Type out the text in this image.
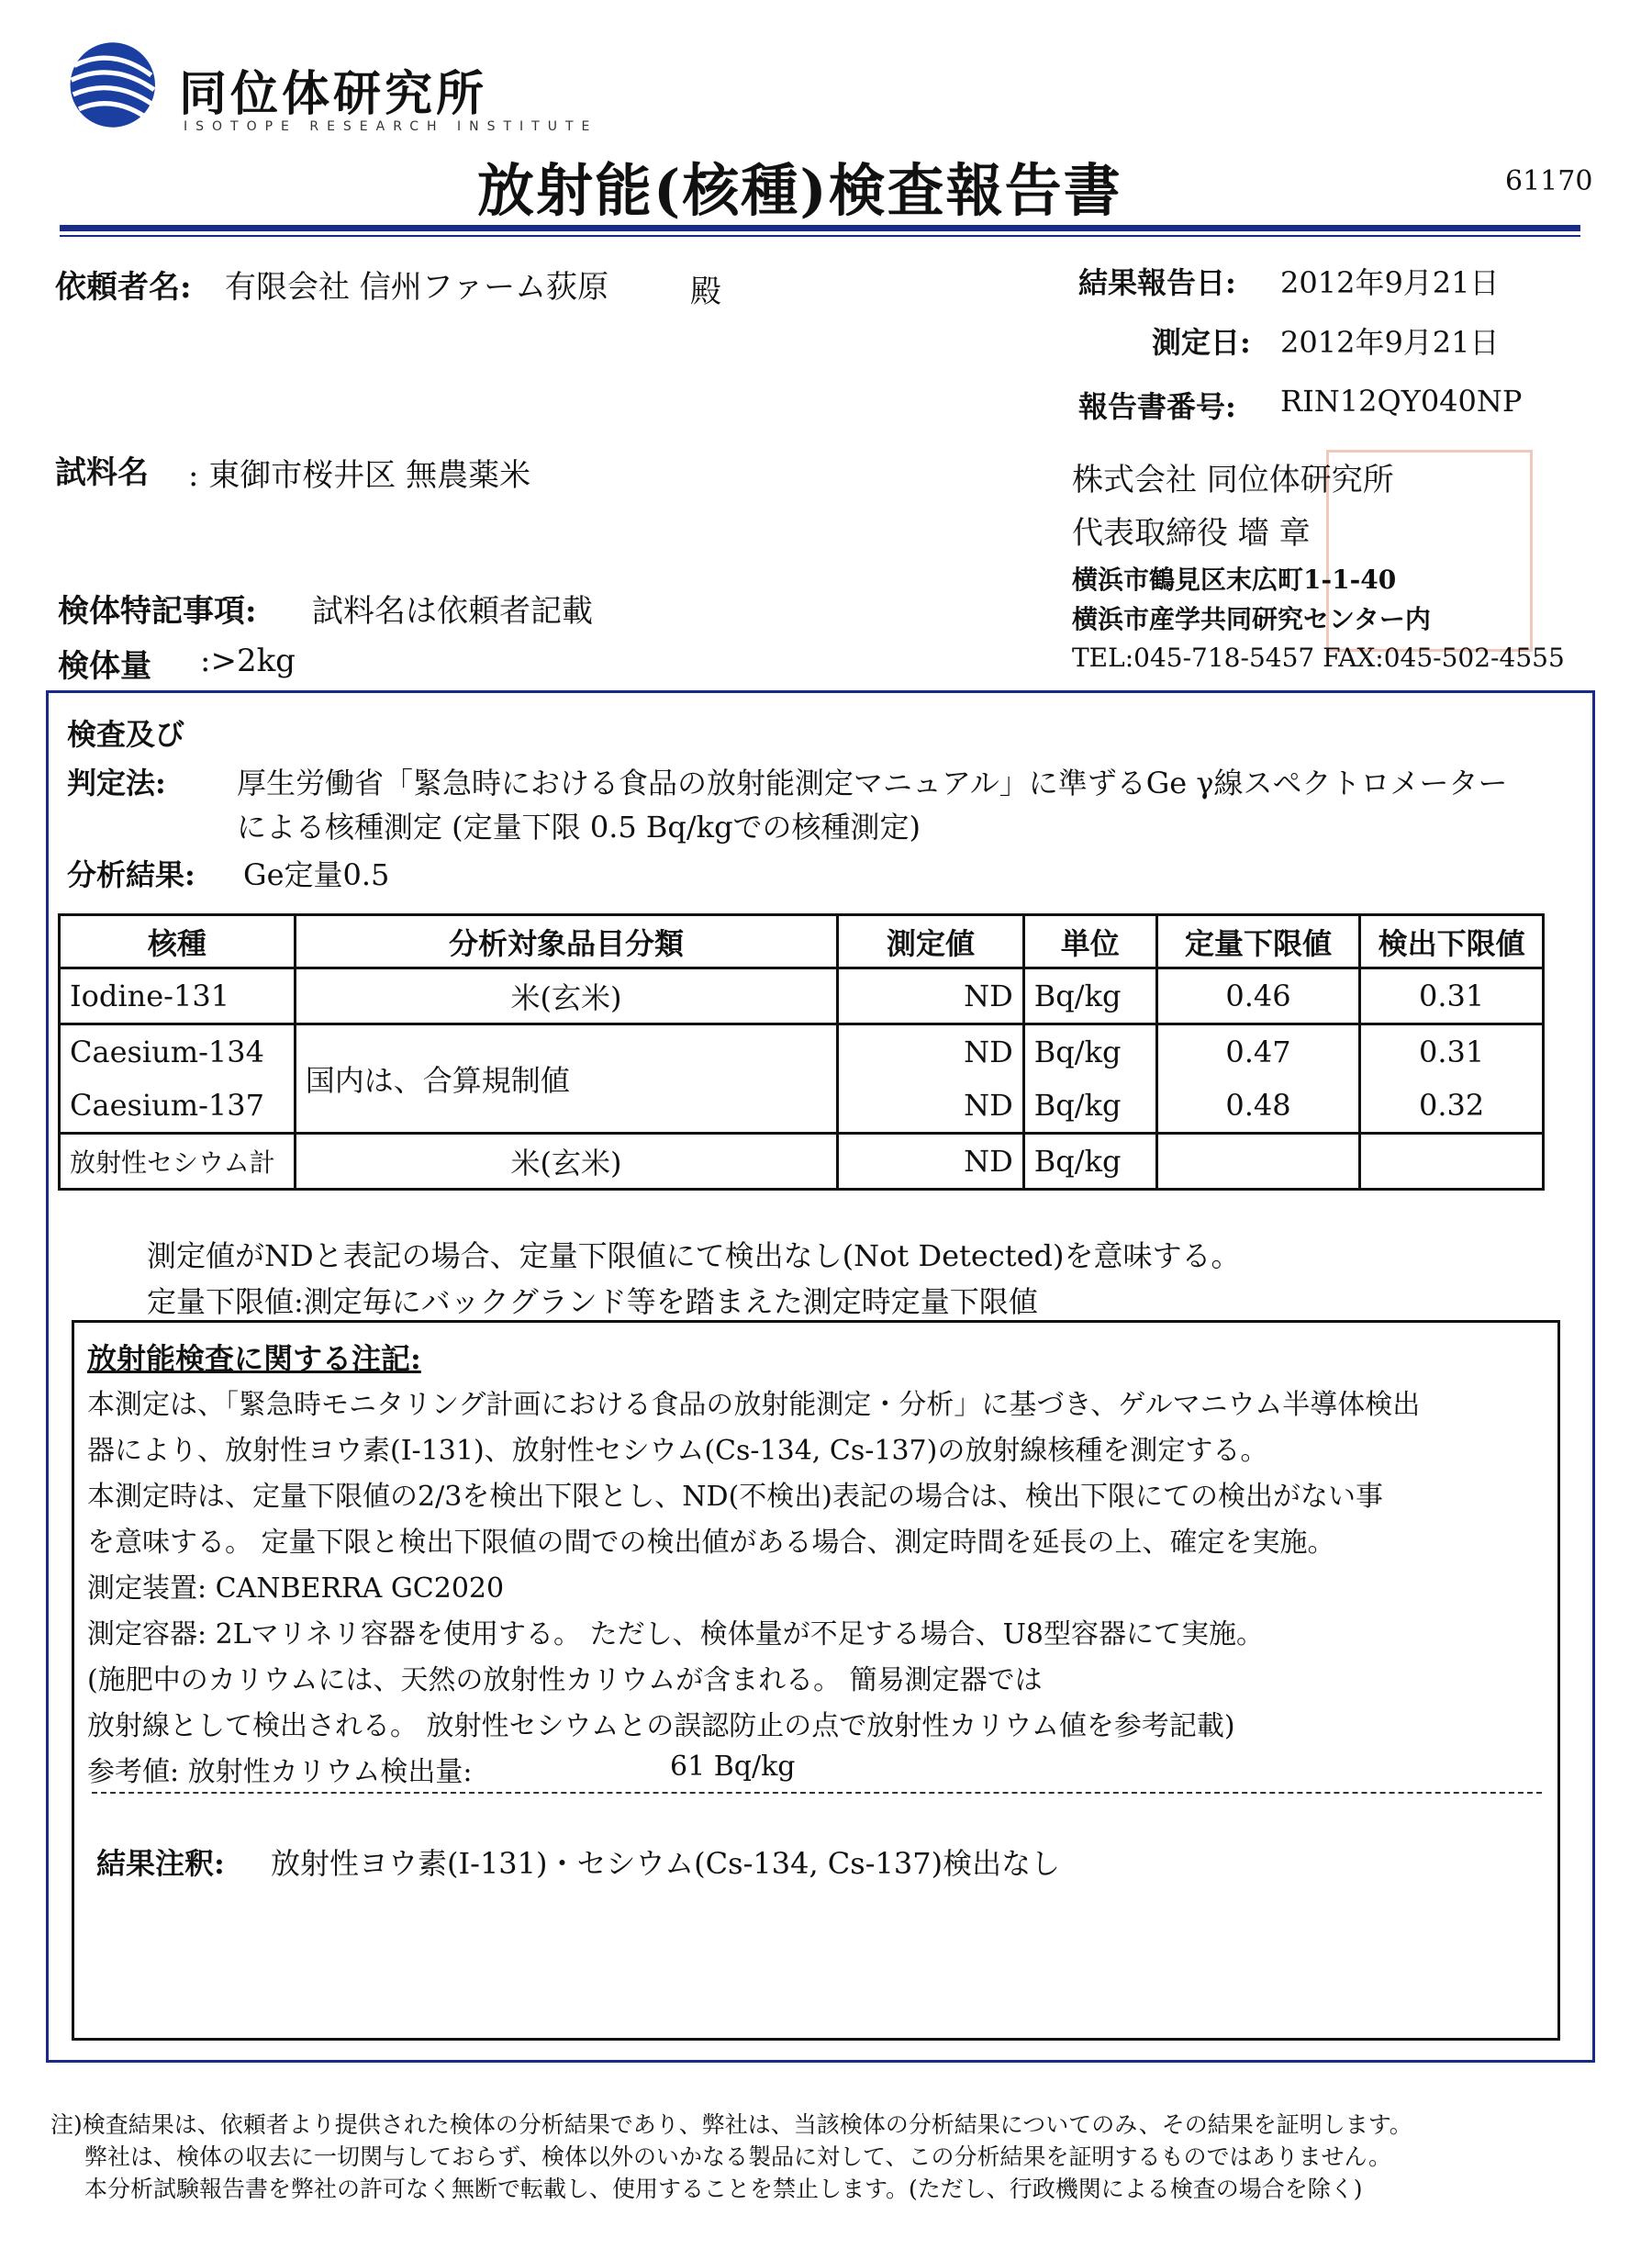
同位体研究所
ISOTOPE RESEARCH INSTITUTE
放射能(核種)検査報告書	61170
依頼者名: 有限会社 信州ファーム荻原	殿	結果報告日: 2012年9月21日
測定日: 2012年9月21日
報告書番号: RIN12QY040NP
試料名 : 東御市桜井区 無農薬米
検体特記事項: 試料名は依頼者記載
検体量 :>2kg
株式会社 同位体研究所
代表取締役 墻 章
横浜市鶴見区末広町1-1-40
横浜市産学共同研究センター内
TEL:045-718-5457 FAX:045-502-4555
検査及び
判定法: 厚生労働省「緊急時における食品の放射能測定マニュアル」に準ずるGe γ線スペクトロメーター
による核種測定 (定量下限 0.5 Bq/kgでの核種測定)
分析結果: Ge定量0.5
核種	分析対象品目分類	測定値	単位	定量下限値	検出下限値
Iodine-131	米(玄米)	ND	Bq/kg	0.46	0.31
Caesium-134	国内は、合算規制値	ND	Bq/kg	0.47	0.31
Caesium-137		ND	Bq/kg	0.48	0.32
放射性セシウム計	米(玄米)	ND	Bq/kg		
測定値がNDと表記の場合、定量下限値にて検出なし(Not Detected)を意味する。
定量下限値:測定毎にバックグランド等を踏まえた測定時定量下限値
放射能検査に関する注記:
本測定は、「緊急時モニタリング計画における食品の放射能測定・分析」に基づき、ゲルマニウム半導体検出
器により、放射性ヨウ素(I-131)、放射性セシウム(Cs-134, Cs-137)の放射線核種を測定する。
本測定時は、定量下限値の2/3を検出下限とし、ND(不検出)表記の場合は、検出下限にての検出がない事
を意味する。 定量下限と検出下限値の間での検出値がある場合、測定時間を延長の上、確定を実施。
測定装置: CANBERRA GC2020
測定容器: 2Lマリネリ容器を使用する。 ただし、検体量が不足する場合、U8型容器にて実施。
(施肥中のカリウムには、天然の放射性カリウムが含まれる。 簡易測定器では
放射線として検出される。 放射性セシウムとの誤認防止の点で放射性カリウム値を参考記載)
参考値: 放射性カリウム検出量:	61 Bq/kg
結果注釈: 放射性ヨウ素(I-131)・セシウム(Cs-134, Cs-137)検出なし
注)検査結果は、依頼者より提供された検体の分析結果であり、弊社は、当該検体の分析結果についてのみ、その結果を証明します。
弊社は、検体の収去に一切関与しておらず、検体以外のいかなる製品に対して、この分析結果を証明するものではありません。
本分析試験報告書を弊社の許可なく無断で転載し、使用することを禁止します。(ただし、行政機関による検査の場合を除く)
